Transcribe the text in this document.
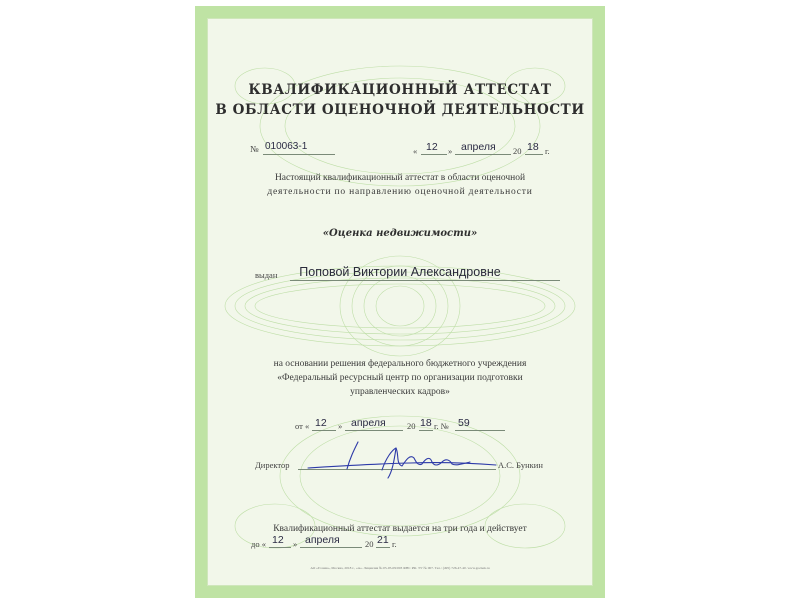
КВАЛИФИКАЦИОННЫЙ АТТЕСТАТ
В ОБЛАСТИ ОЦЕНОЧНОЙ ДЕЯТЕЛЬНОСТИ
№ 010063-1	« 12 » апреля 20 18 г.
Настоящий квалификационный аттестат в области оценочной
деятельности по направлению оценочной деятельности
«Оценка недвижимости»
выдан	Поповой Виктории Александровне
на основании решения федерального бюджетного учреждения
«Федеральный ресурсный центр по организации подготовки
управленческих кадров»
от « 12 » апреля	20 18 г. № 59
Директор	А.С. Бункин
Квалификационный аттестат выдается на три года и действует
до « 12 » апреля	20 21 г.
АО «Гознак», Москва, 2018 г., «А». Лицензия № 05-05-09/003 ФНС РФ. ТУ № 007. Тел.: (495) 726-47-40. www.goznak.ru
